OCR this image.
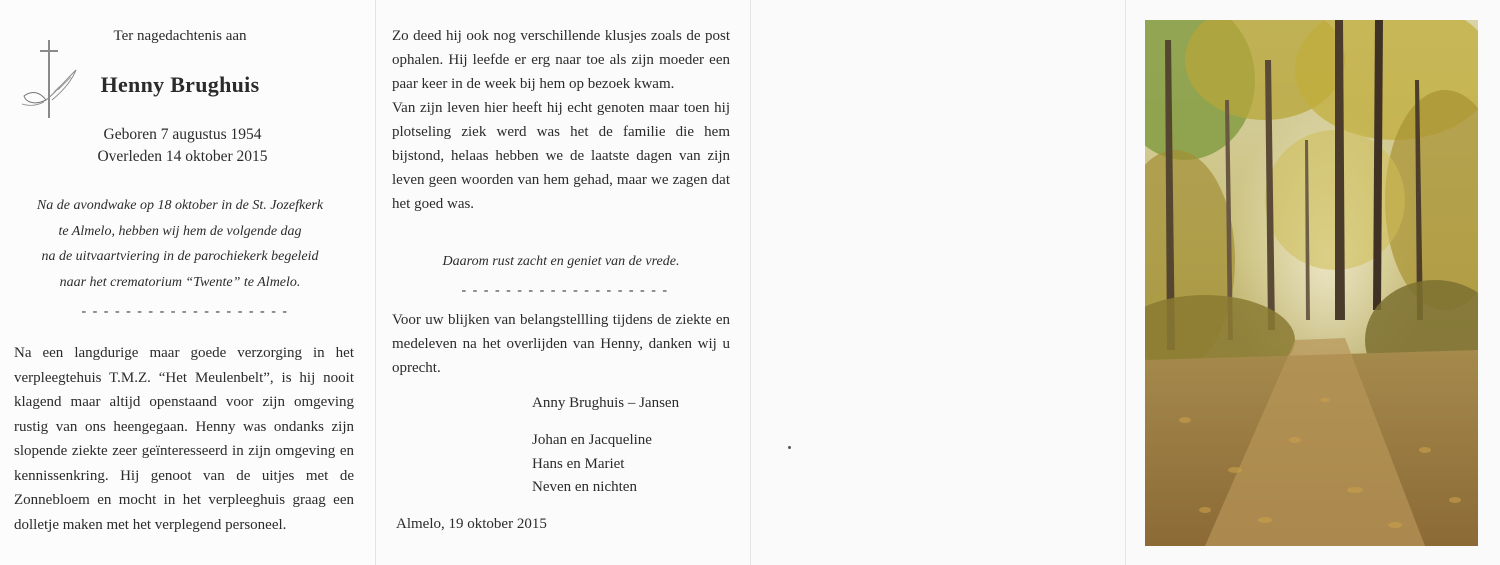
Ter nagedachtenis aan
Henny Brughuis
Geboren 7 augustus 1954
Overleden 14 oktober 2015
Na de avondwake op 18 oktober in de St. Jozefkerk
te Almelo, hebben wij hem de volgende dag
na de uitvaartviering in de parochiekerk begeleid
naar het crematorium “Twente” te Almelo.
- - - - - - - - - - - - - - - - - - -
Na een langdurige maar goede verzorging in het verpleegtehuis T.M.Z. “Het Meulenbelt”, is hij nooit klagend maar altijd openstaand voor zijn omgeving rustig van ons heengegaan. Henny was ondanks zijn slopende ziekte zeer geïnteresseerd in zijn omgeving en kennissenkring. Hij genoot van de uitjes met de Zonnebloem en mocht in het verpleeghuis graag een dolletje maken met het verplegend personeel.

Zo deed hij ook nog verschillende klusjes zoals de post ophalen. Hij leefde er erg naar toe als zijn moeder een paar keer in de week bij hem op bezoek kwam.

Van zijn leven hier heeft hij echt genoten maar toen hij plotseling ziek werd was het de familie die hem bijstond, helaas hebben we de laatste dagen van zijn leven geen woorden van hem gehad, maar we zagen dat het goed was.

Daarom rust zacht en geniet van de vrede.
- - - - - - - - - - - - - - - - - - -
Voor uw blijken van belangstellling tijdens de ziekte en medeleven na het overlijden van Henny, danken wij u oprecht.
Anny Brughuis – Jansen
Johan en Jacqueline
Hans en Mariet
Neven en nichten
Almelo, 19 oktober 2015
